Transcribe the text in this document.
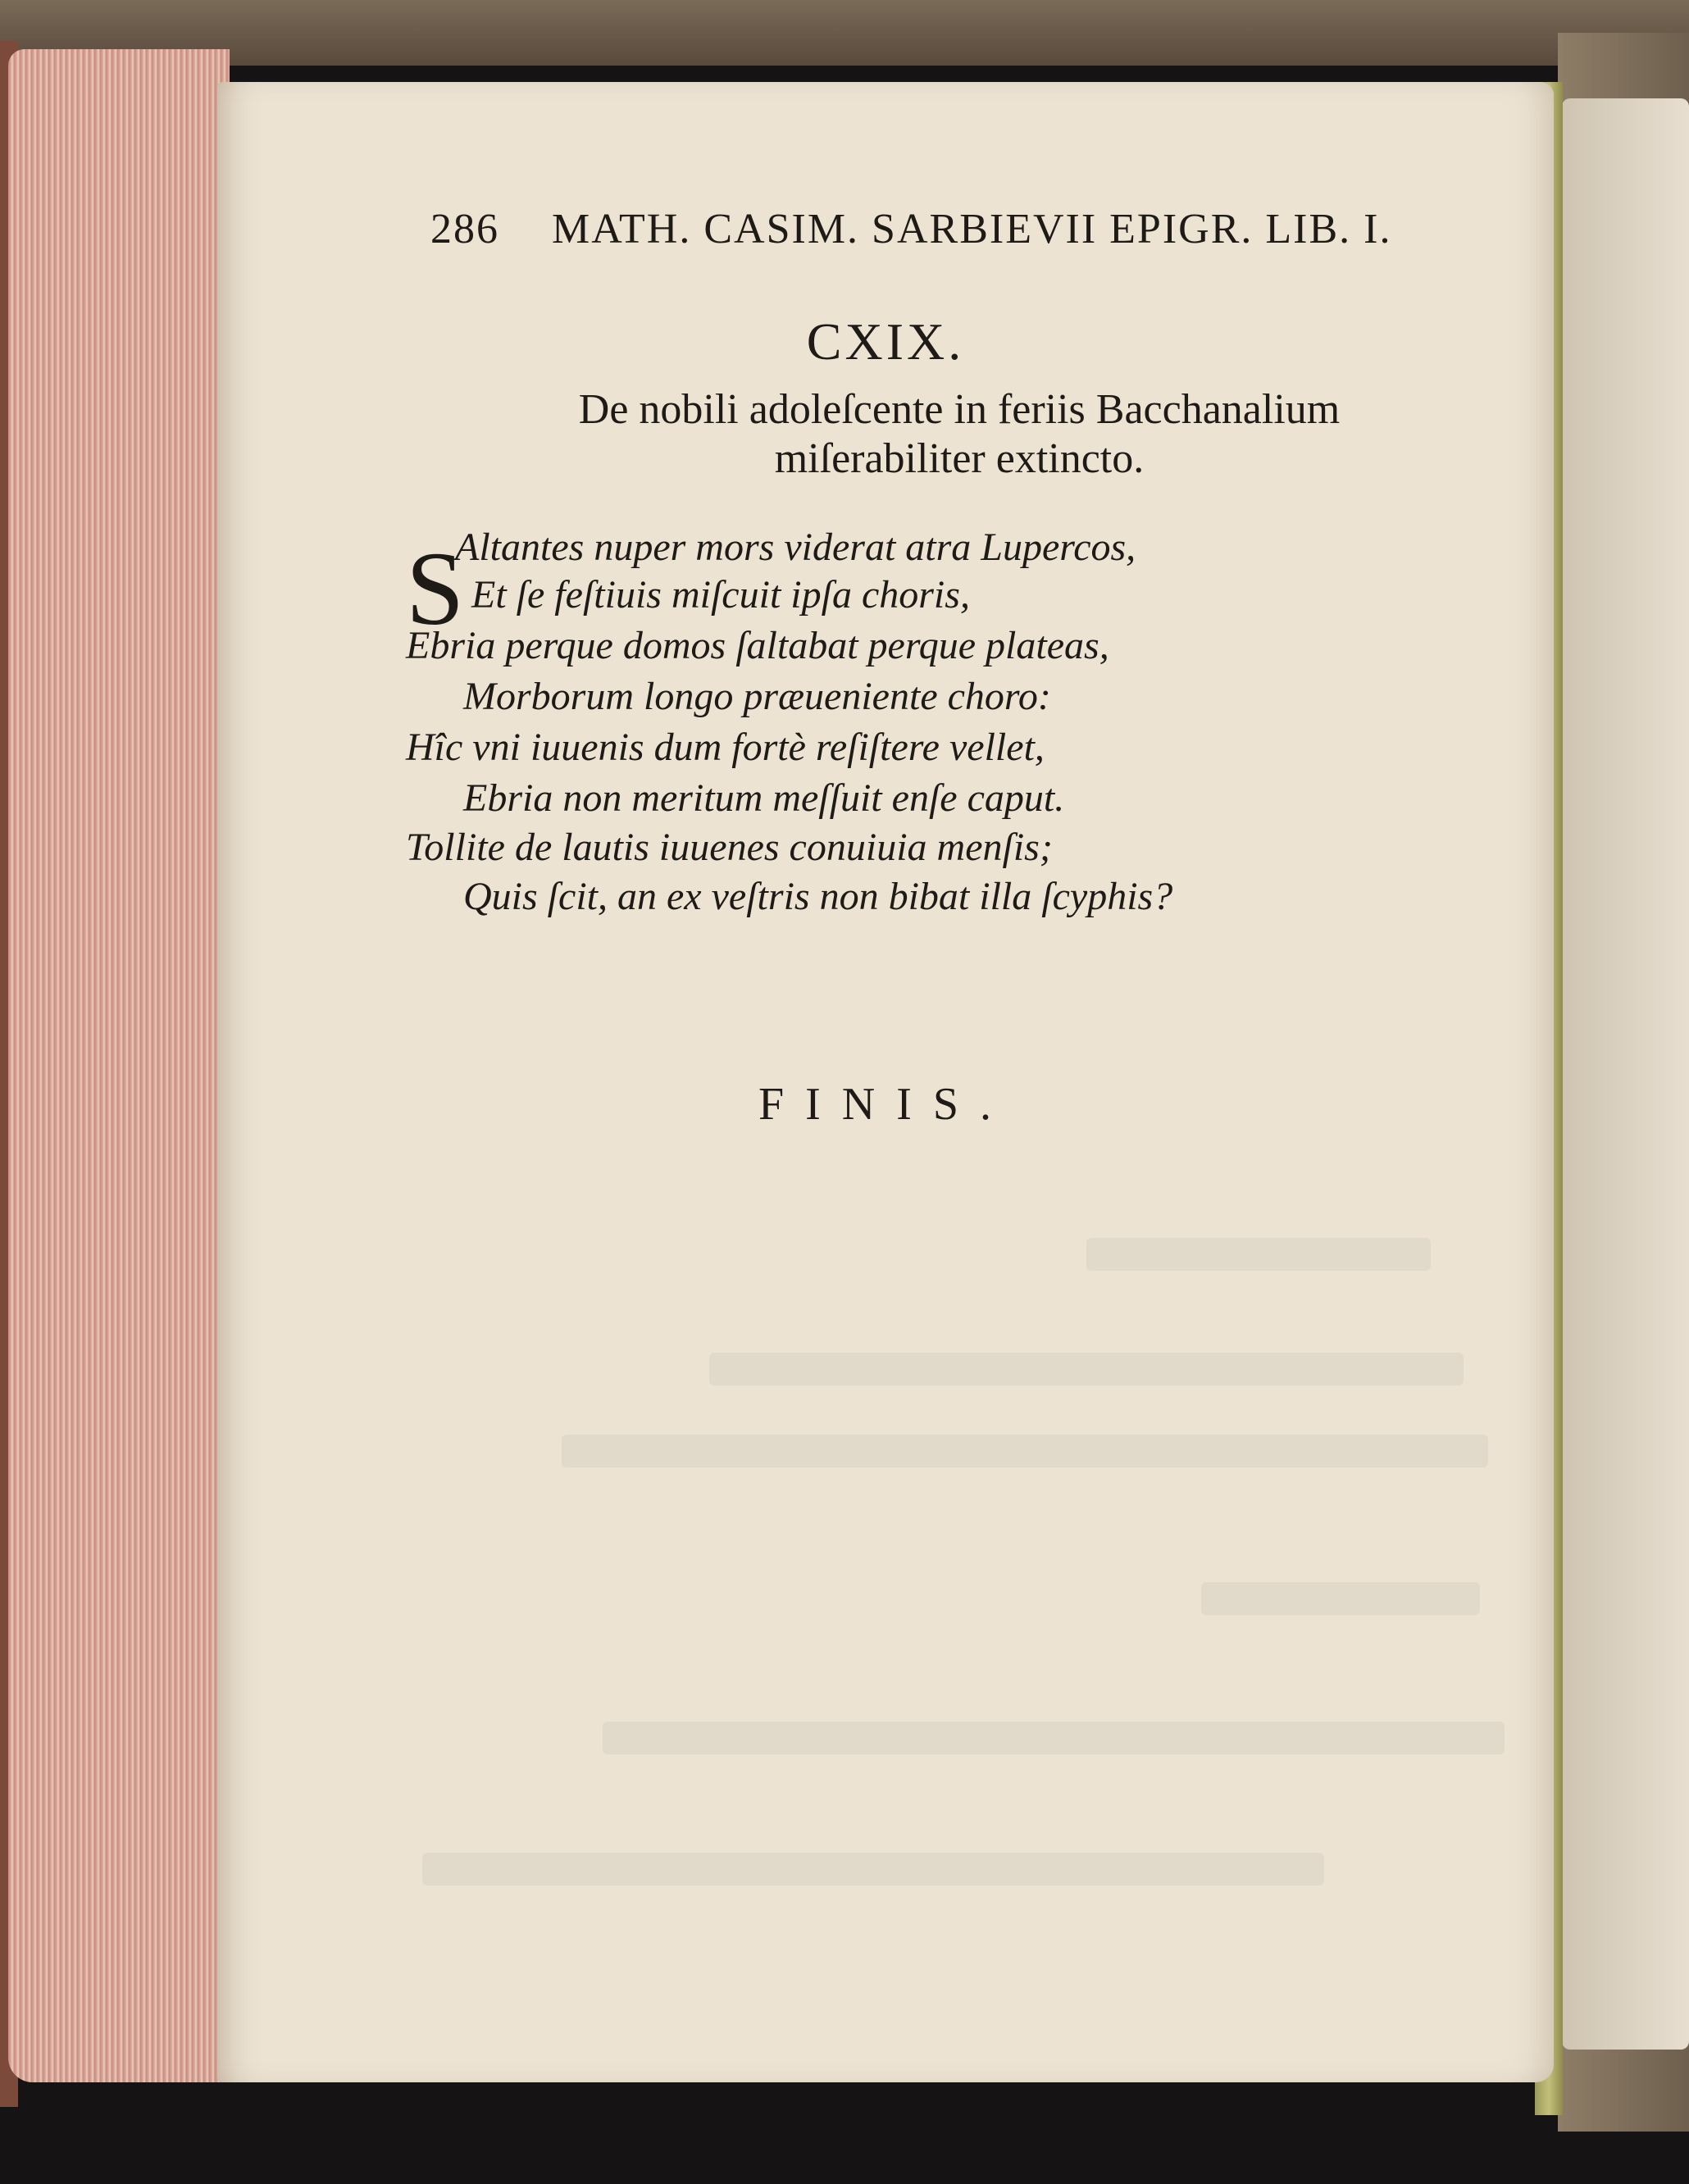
286 MATH. CASIM. SARBIEVII EPIGR. LIB. I.
CXIX.
De nobili adoleſcente in feriis Bacchanalium
miſerabiliter extincto.
S
Altantes nuper mors viderat atra Lupercos,
Et ſe feſtiuis miſcuit ipſa choris,
Ebria perque domos ſaltabat perque plateas,
Morborum longo præueniente choro:
Hîc vni iuuenis dum fortè reſiſtere vellet,
Ebria non meritum meſſuit enſe caput.
Tollite de lautis iuuenes conuiuia menſis;
Quis ſcit, an ex veſtris non bibat illa ſcyphis?
FINIS.
